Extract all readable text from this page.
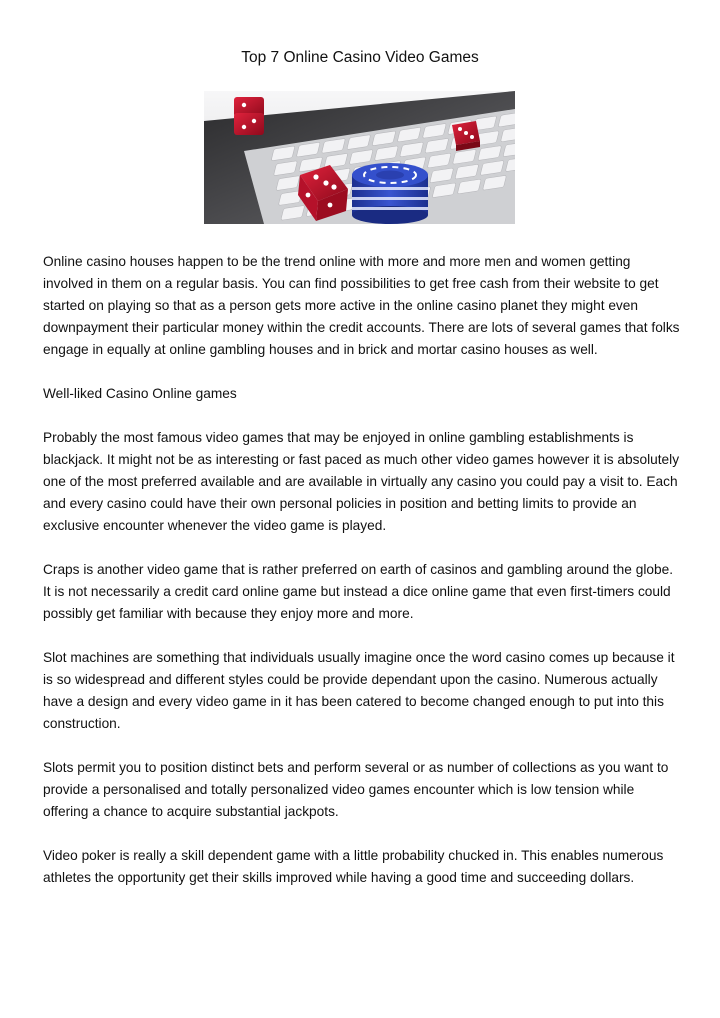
Top 7 Online Casino Video Games

Online casino houses happen to be the trend online with more and more men and women getting involved in them on a regular basis. You can find possibilities to get free cash from their website to get started on playing so that as a person gets more active in the online casino planet they might even downpayment their particular money within the credit accounts. There are lots of several games that folks engage in equally at online gambling houses and in brick and mortar casino houses as well.

Well-liked Casino Online games

Probably the most famous video games that may be enjoyed in online gambling establishments is blackjack. It might not be as interesting or fast paced as much other video games however it is absolutely one of the most preferred available and are available in virtually any casino you could pay a visit to. Each and every casino could have their own personal policies in position and betting limits to provide an exclusive encounter whenever the video game is played.

Craps is another video game that is rather preferred on earth of casinos and gambling around the globe. It is not necessarily a credit card online game but instead a dice online game that even first-timers could possibly get familiar with because they enjoy more and more.

Slot machines are something that individuals usually imagine once the word casino comes up because it is so widespread and different styles could be provide dependant upon the casino. Numerous actually have a design and every video game in it has been catered to become changed enough to put into this construction.

Slots permit you to position distinct bets and perform several or as number of collections as you want to provide a personalised and totally personalized video games encounter which is low tension while offering a chance to acquire substantial jackpots.

Video poker is really a skill dependent game with a little probability chucked in. This enables numerous athletes the opportunity get their skills improved while having a good time and succeeding dollars.
